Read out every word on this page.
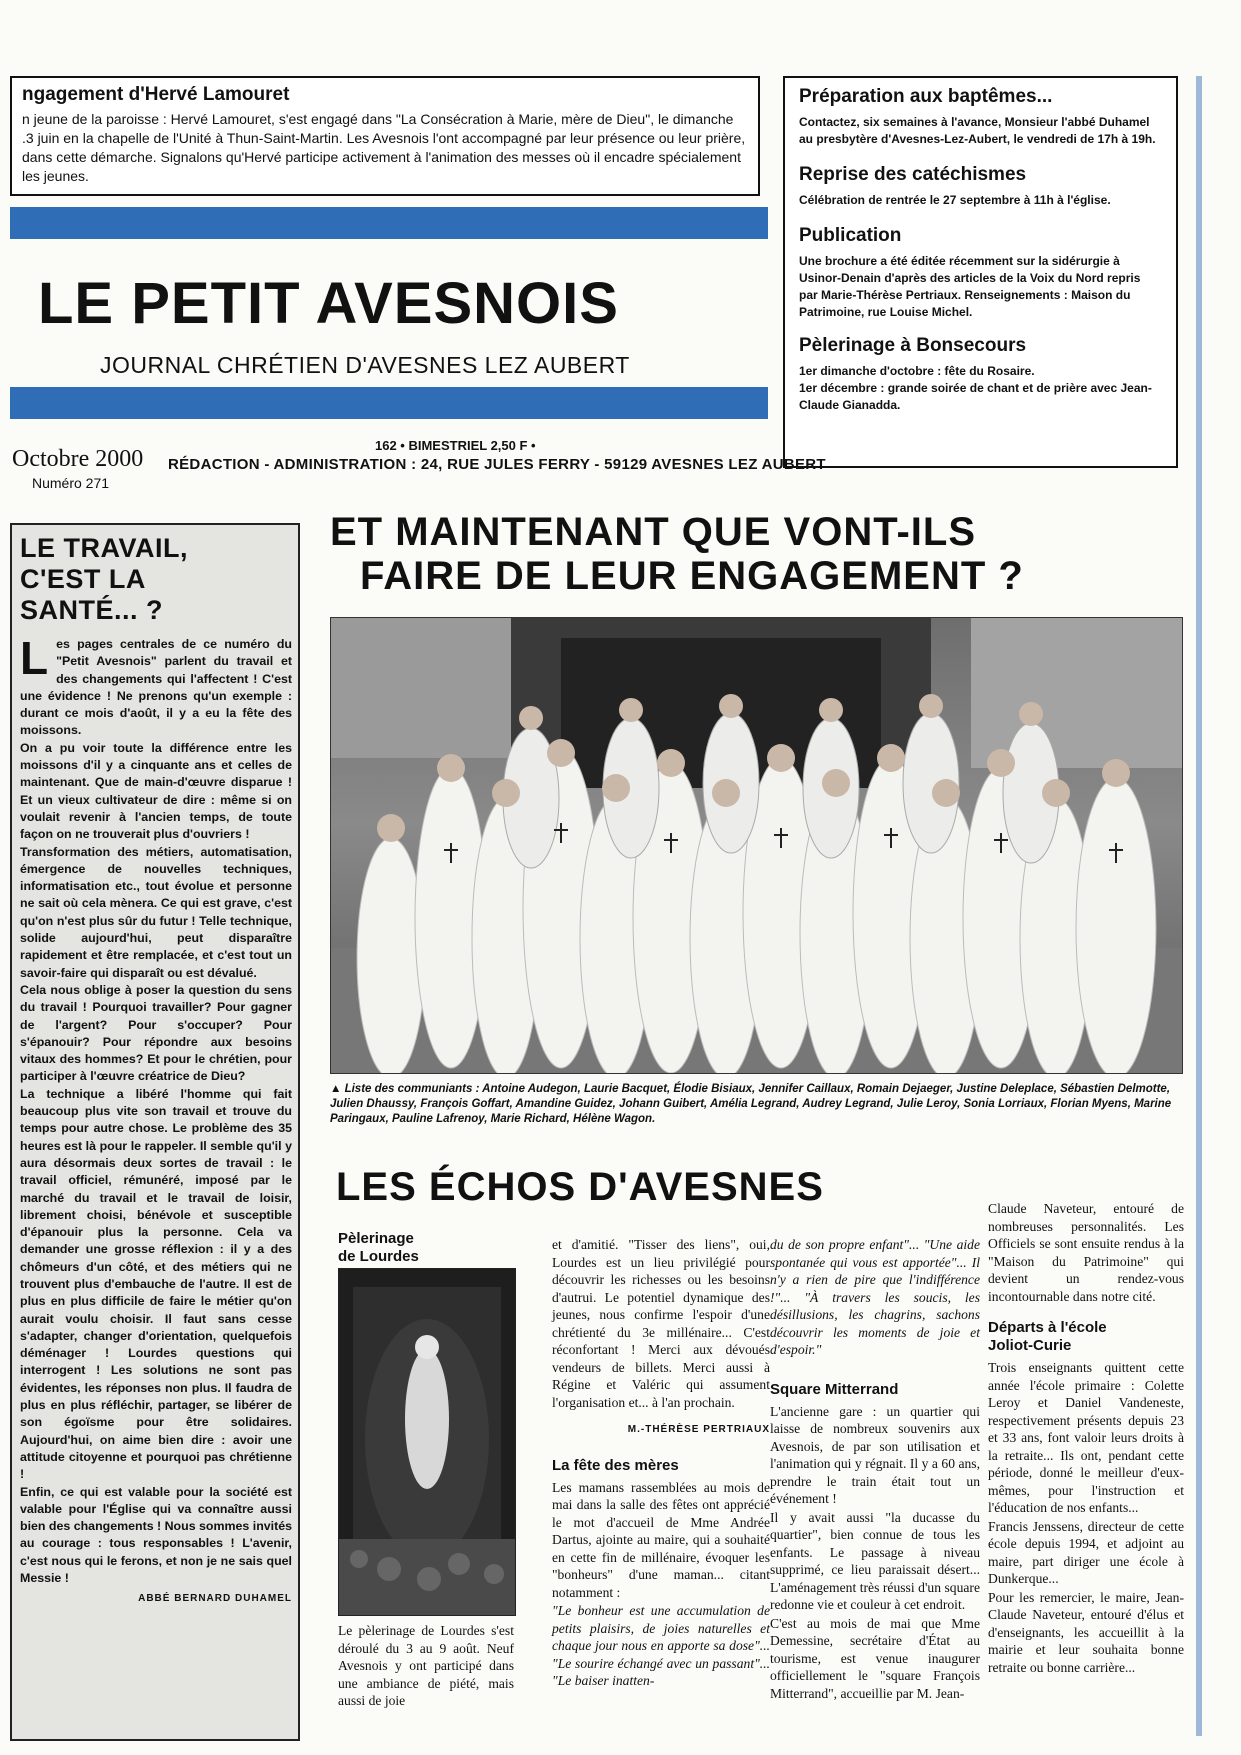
ngagement d'Hervé Lamouret

n jeune de la paroisse : Hervé Lamouret, s'est engagé dans "La Consécration à Marie, mère de Dieu", le dimanche .3 juin en la chapelle de l'Unité à Thun-Saint-Martin. Les Avesnois l'ont accompagné par leur présence ou leur prière, dans cette démarche. Signalons qu'Hervé participe activement à l'animation des messes où il encadre spécialement les jeunes.

Préparation aux baptêmes...

Contactez, six semaines à l'avance, Monsieur l'abbé Duhamel au presbytère d'Avesnes-Lez-Aubert, le vendredi de 17h à 19h.

Reprise des catéchismes

Célébration de rentrée le 27 septembre à 11h à l'église.

Publication

Une brochure a été éditée récemment sur la sidérurgie à Usinor-Denain d'après des articles de la Voix du Nord repris par Marie-Thérèse Pertriaux. Renseignements : Maison du Patrimoine, rue Louise Michel.

Pèlerinage à Bonsecours

1er dimanche d'octobre : fête du Rosaire.

1er décembre : grande soirée de chant et de prière avec Jean-Claude Gianadda.

LE PETIT AVESNOIS
JOURNAL CHRÉTIEN D'AVESNES LEZ AUBERT
Octobre 2000
Numéro 271
162 • BIMESTRIEL 2,50 F •
RÉDACTION - ADMINISTRATION : 24, RUE JULES FERRY - 59129 AVESNES LEZ AUBERT
LE TRAVAIL,
C'EST LA
SANTÉ... ?

Les pages centrales de ce numéro du "Petit Avesnois" parlent du travail et des changements qui l'affectent ! C'est une évidence ! Ne prenons qu'un exemple : durant ce mois d'août, il y a eu la fête des moissons.

On a pu voir toute la différence entre les moissons d'il y a cinquante ans et celles de maintenant. Que de main-d'œuvre disparue ! Et un vieux cultivateur de dire : même si on voulait revenir à l'ancien temps, de toute façon on ne trouverait plus d'ouvriers !

Transformation des métiers, automatisation, émergence de nouvelles techniques, informatisation etc., tout évolue et personne ne sait où cela mènera. Ce qui est grave, c'est qu'on n'est plus sûr du futur ! Telle technique, solide aujourd'hui, peut disparaître rapidement et être remplacée, et c'est tout un savoir-faire qui disparaît ou est dévalué.

Cela nous oblige à poser la question du sens du travail ! Pourquoi travailler? Pour gagner de l'argent? Pour s'occuper? Pour s'épanouir? Pour répondre aux besoins vitaux des hommes? Et pour le chrétien, pour participer à l'œuvre créatrice de Dieu?

La technique a libéré l'homme qui fait beaucoup plus vite son travail et trouve du temps pour autre chose. Le problème des 35 heures est là pour le rappeler. Il semble qu'il y aura désormais deux sortes de travail : le travail officiel, rémunéré, imposé par le marché du travail et le travail de loisir, librement choisi, bénévole et susceptible d'épanouir plus la personne. Cela va demander une grosse réflexion : il y a des chômeurs d'un côté, et des métiers qui ne trouvent plus d'embauche de l'autre. Il est de plus en plus difficile de faire le métier qu'on aurait voulu choisir. Il faut sans cesse s'adapter, changer d'orientation, quelquefois déménager ! Lourdes questions qui interrogent ! Les solutions ne sont pas évidentes, les réponses non plus. Il faudra de plus en plus réfléchir, partager, se libérer de son égoïsme pour être solidaires. Aujourd'hui, on aime bien dire : avoir une attitude citoyenne et pourquoi pas chrétienne !

Enfin, ce qui est valable pour la société est valable pour l'Église qui va connaître aussi bien des changements ! Nous sommes invités au courage : tous responsables ! L'avenir, c'est nous qui le ferons, et non je ne sais quel Messie !

ABBÉ BERNARD DUHAMEL
ET MAINTENANT QUE VONT-ILS
FAIRE DE LEUR ENGAGEMENT ?
▲ Liste des communiants : Antoine Audegon, Laurie Bacquet, Élodie Bisiaux, Jennifer Caillaux, Romain Dejaeger, Justine Deleplace, Sébastien Delmotte, Julien Dhaussy, François Goffart, Amandine Guidez, Johann Guibert, Amélia Legrand, Audrey Legrand, Julie Leroy, Sonia Lorriaux, Florian Myens, Marine Paringaux, Pauline Lafrenoy, Marie Richard, Hélène Wagon.
LES ÉCHOS D'AVESNES
Pèlerinage
de Lourdes

Le pèlerinage de Lourdes s'est déroulé du 3 au 9 août. Neuf Avesnois y ont participé dans une ambiance de piété, mais aussi de joie

et d'amitié. "Tisser des liens", oui, Lourdes est un lieu privilégié pour découvrir les richesses ou les besoins d'autrui. Le potentiel dynamique des jeunes, nous confirme l'espoir d'une chrétienté du 3e millénaire... C'est réconfortant ! Merci aux dévoués vendeurs de billets. Merci aussi à Régine et Valéric qui assument l'organisation et... à l'an prochain.

M.-THÉRÈSE PERTRIAUX
La fête des mères

Les mamans rassemblées au mois de mai dans la salle des fêtes ont apprécié le mot d'accueil de Mme Andrée Dartus, ajointe au maire, qui a souhaité en cette fin de millénaire, évoquer les "bonheurs" d'une maman... citant notamment :

"Le bonheur est une accumulation de petits plaisirs, de joies naturelles et chaque jour nous en apporte sa dose"... "Le sourire échangé avec un passant"... "Le baiser inatten-

du de son propre enfant"... "Une aide spontanée qui vous est apportée"... Il n'y a rien de pire que l'indifférence !"... "À travers les soucis, les désillusions, les chagrins, sachons découvrir les moments de joie et d'espoir."

Square Mitterrand

L'ancienne gare : un quartier qui laisse de nombreux souvenirs aux Avesnois, de par son utilisation et l'animation qui y régnait. Il y a 60 ans, prendre le train était tout un événement !

Il y avait aussi "la ducasse du quartier", bien connue de tous les enfants. Le passage à niveau supprimé, ce lieu paraissait désert... L'aménagement très réussi d'un square redonne vie et couleur à cet endroit.

C'est au mois de mai que Mme Demessine, secrétaire d'État au tourisme, est venue inaugurer officiellement le "square François Mitterrand", accueillie par M. Jean-

Claude Naveteur, entouré de nombreuses personnalités. Les Officiels se sont ensuite rendus à la "Maison du Patrimoine" qui devient un rendez-vous incontournable dans notre cité.

Départs à l'école
Joliot-Curie

Trois enseignants quittent cette année l'école primaire : Colette Leroy et Daniel Vandeneste, respectivement présents depuis 23 et 33 ans, font valoir leurs droits à la retraite... Ils ont, pendant cette période, donné le meilleur d'eux-mêmes, pour l'instruction et l'éducation de nos enfants...

Francis Jenssens, directeur de cette école depuis 1994, et adjoint au maire, part diriger une école à Dunkerque...

Pour les remercier, le maire, Jean-Claude Naveteur, entouré d'élus et d'enseignants, les accueillit à la mairie et leur souhaita bonne retraite ou bonne carrière...
